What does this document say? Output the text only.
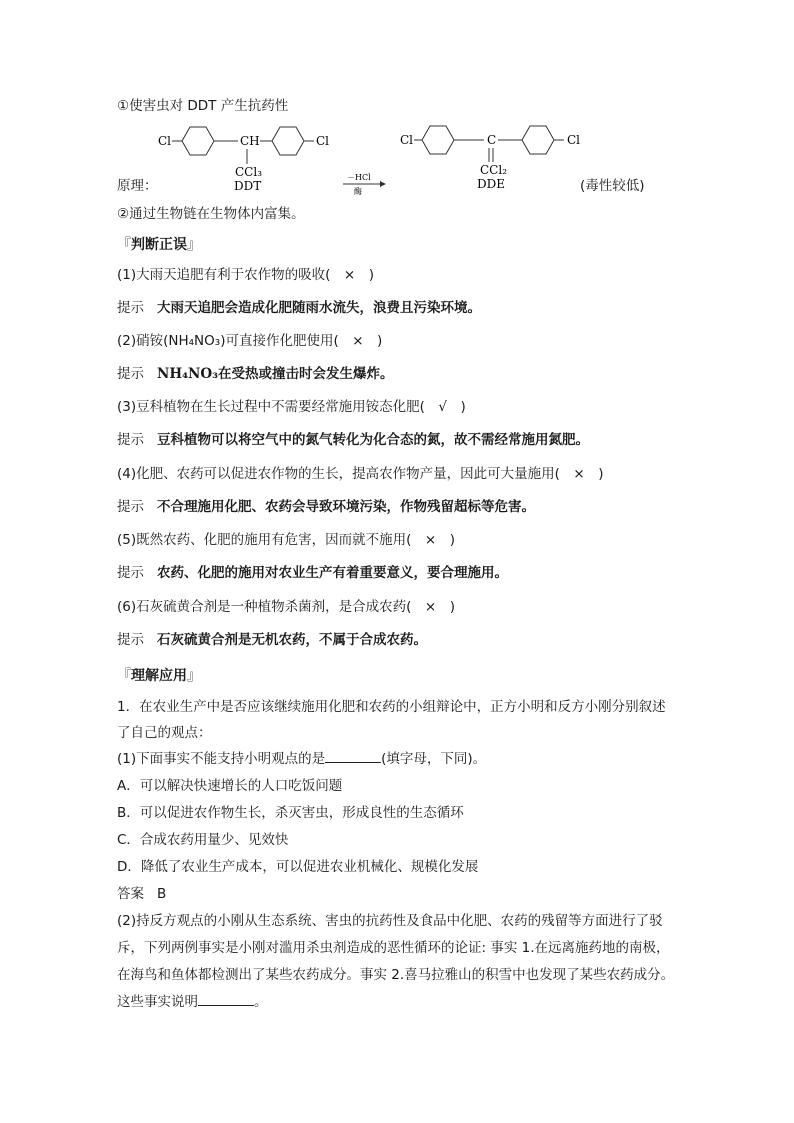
①使害虫对 DDT 产生抗药性
Cl	CH	Cl
CCl₃
DDT
－HCl
酶
Cl	C	Cl
CCl₂
DDE
原理：	(毒性较低)
②通过生物链在生物体内富集。
『判断正误』
(1)大雨天追肥有利于农作物的吸收(　×　)
提示 大雨天追肥会造成化肥随雨水流失，浪费且污染环境。
(2)硝铵(NH₄NO₃)可直接作化肥使用(　×　)
提示 NH₄NO₃在受热或撞击时会发生爆炸。
(3)豆科植物在生长过程中不需要经常施用铵态化肥(　√　)
提示 豆科植物可以将空气中的氮气转化为化合态的氮，故不需经常施用氮肥。
(4)化肥、农药可以促进农作物的生长，提高农作物产量，因此可大量施用(　×　)
提示 不合理施用化肥、农药会导致环境污染，作物残留超标等危害。
(5)既然农药、化肥的施用有危害，因而就不施用(　×　)
提示 农药、化肥的施用对农业生产有着重要意义，要合理施用。
(6)石灰硫黄合剂是一种植物杀菌剂，是合成农药(　×　)
提示 石灰硫黄合剂是无机农药，不属于合成农药。
『理解应用』
1．在农业生产中是否应该继续施用化肥和农药的小组辩论中，正方小明和反方小刚分别叙述
了自己的观点：
(1)下面事实不能支持小明观点的是	(填字母，下同)。
A．可以解决快速增长的人口吃饭问题
B．可以促进农作物生长，杀灭害虫，形成良性的生态循环
C．合成农药用量少、见效快
D．降低了农业生产成本，可以促进农业机械化、规模化发展
答案 B
(2)持反方观点的小刚从生态系统、害虫的抗药性及食品中化肥、农药的残留等方面进行了驳
斥，下列两例事实是小刚对滥用杀虫剂造成的恶性循环的论证: 事实 1.在远离施药地的南极，
在海鸟和鱼体都检测出了某些农药成分。事实 2.喜马拉雅山的积雪中也发现了某些农药成分。
这些事实说明	。
